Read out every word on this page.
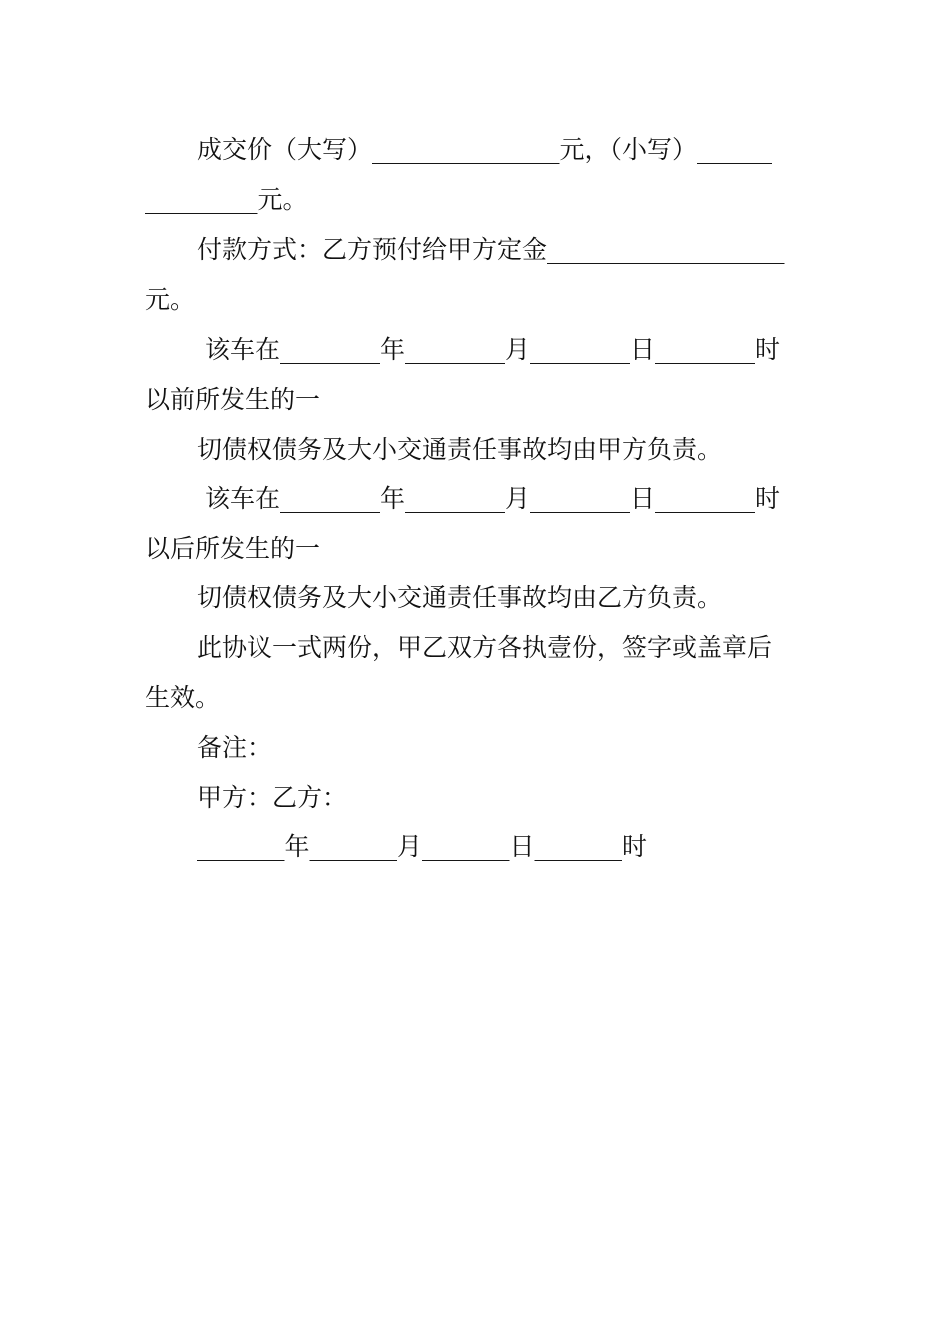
成交价（大写）_______________元，（小写）______
_________元。
付款方式：乙方预付给甲方定金___________________
元。
该车在________年________月________日________时
以前所发生的一
切债权债务及大小交通责任事故均由甲方负责。
该车在________年________月________日________时
以后所发生的一
切债权债务及大小交通责任事故均由乙方负责。
此协议一式两份，甲乙双方各执壹份，签字或盖章后
生效。
备注：
甲方：乙方：
_______年_______月_______日_______时
